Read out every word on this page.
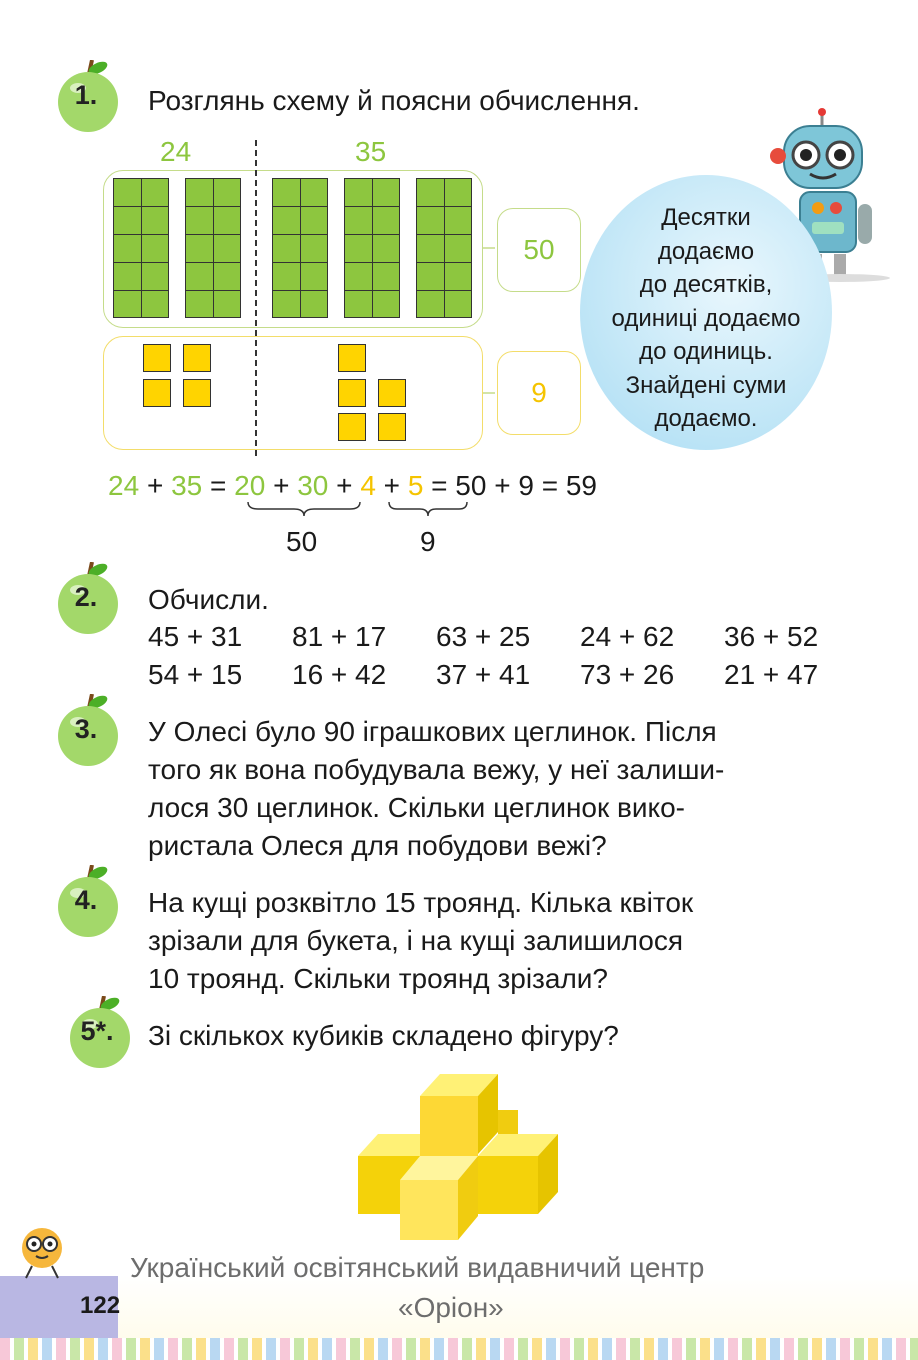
1.
2.
3.
4.
5*.
Розглянь схему й поясни обчислення.
24	35
50
9
Десятки
додаємо
до десятків,
одиниці додаємо
до одиниць.
Знайдені суми
додаємо.
24 + 35 = 20 + 30 + 4 + 5 = 50 + 9 = 59
50	9
Обчисли.
45 + 31 81 + 17 63 + 25 24 + 62 36 + 52
54 + 15 16 + 42 37 + 41 73 + 26 21 + 47
У Олесі було 90 іграшкових цеглинок. Після
того як вона побудувала вежу, у неї залиши-
лося 30 цеглинок. Скільки цеглинок вико-
ристала Олеся для побудови вежі?
На кущі розквітло 15 троянд. Кілька квіток
зрізали для букета, і на кущі залишилося
10 троянд. Скільки троянд зрізали?
Зі скількох кубиків складено фігуру?
122
Український освітянський видавничий центр
«Оріон»
